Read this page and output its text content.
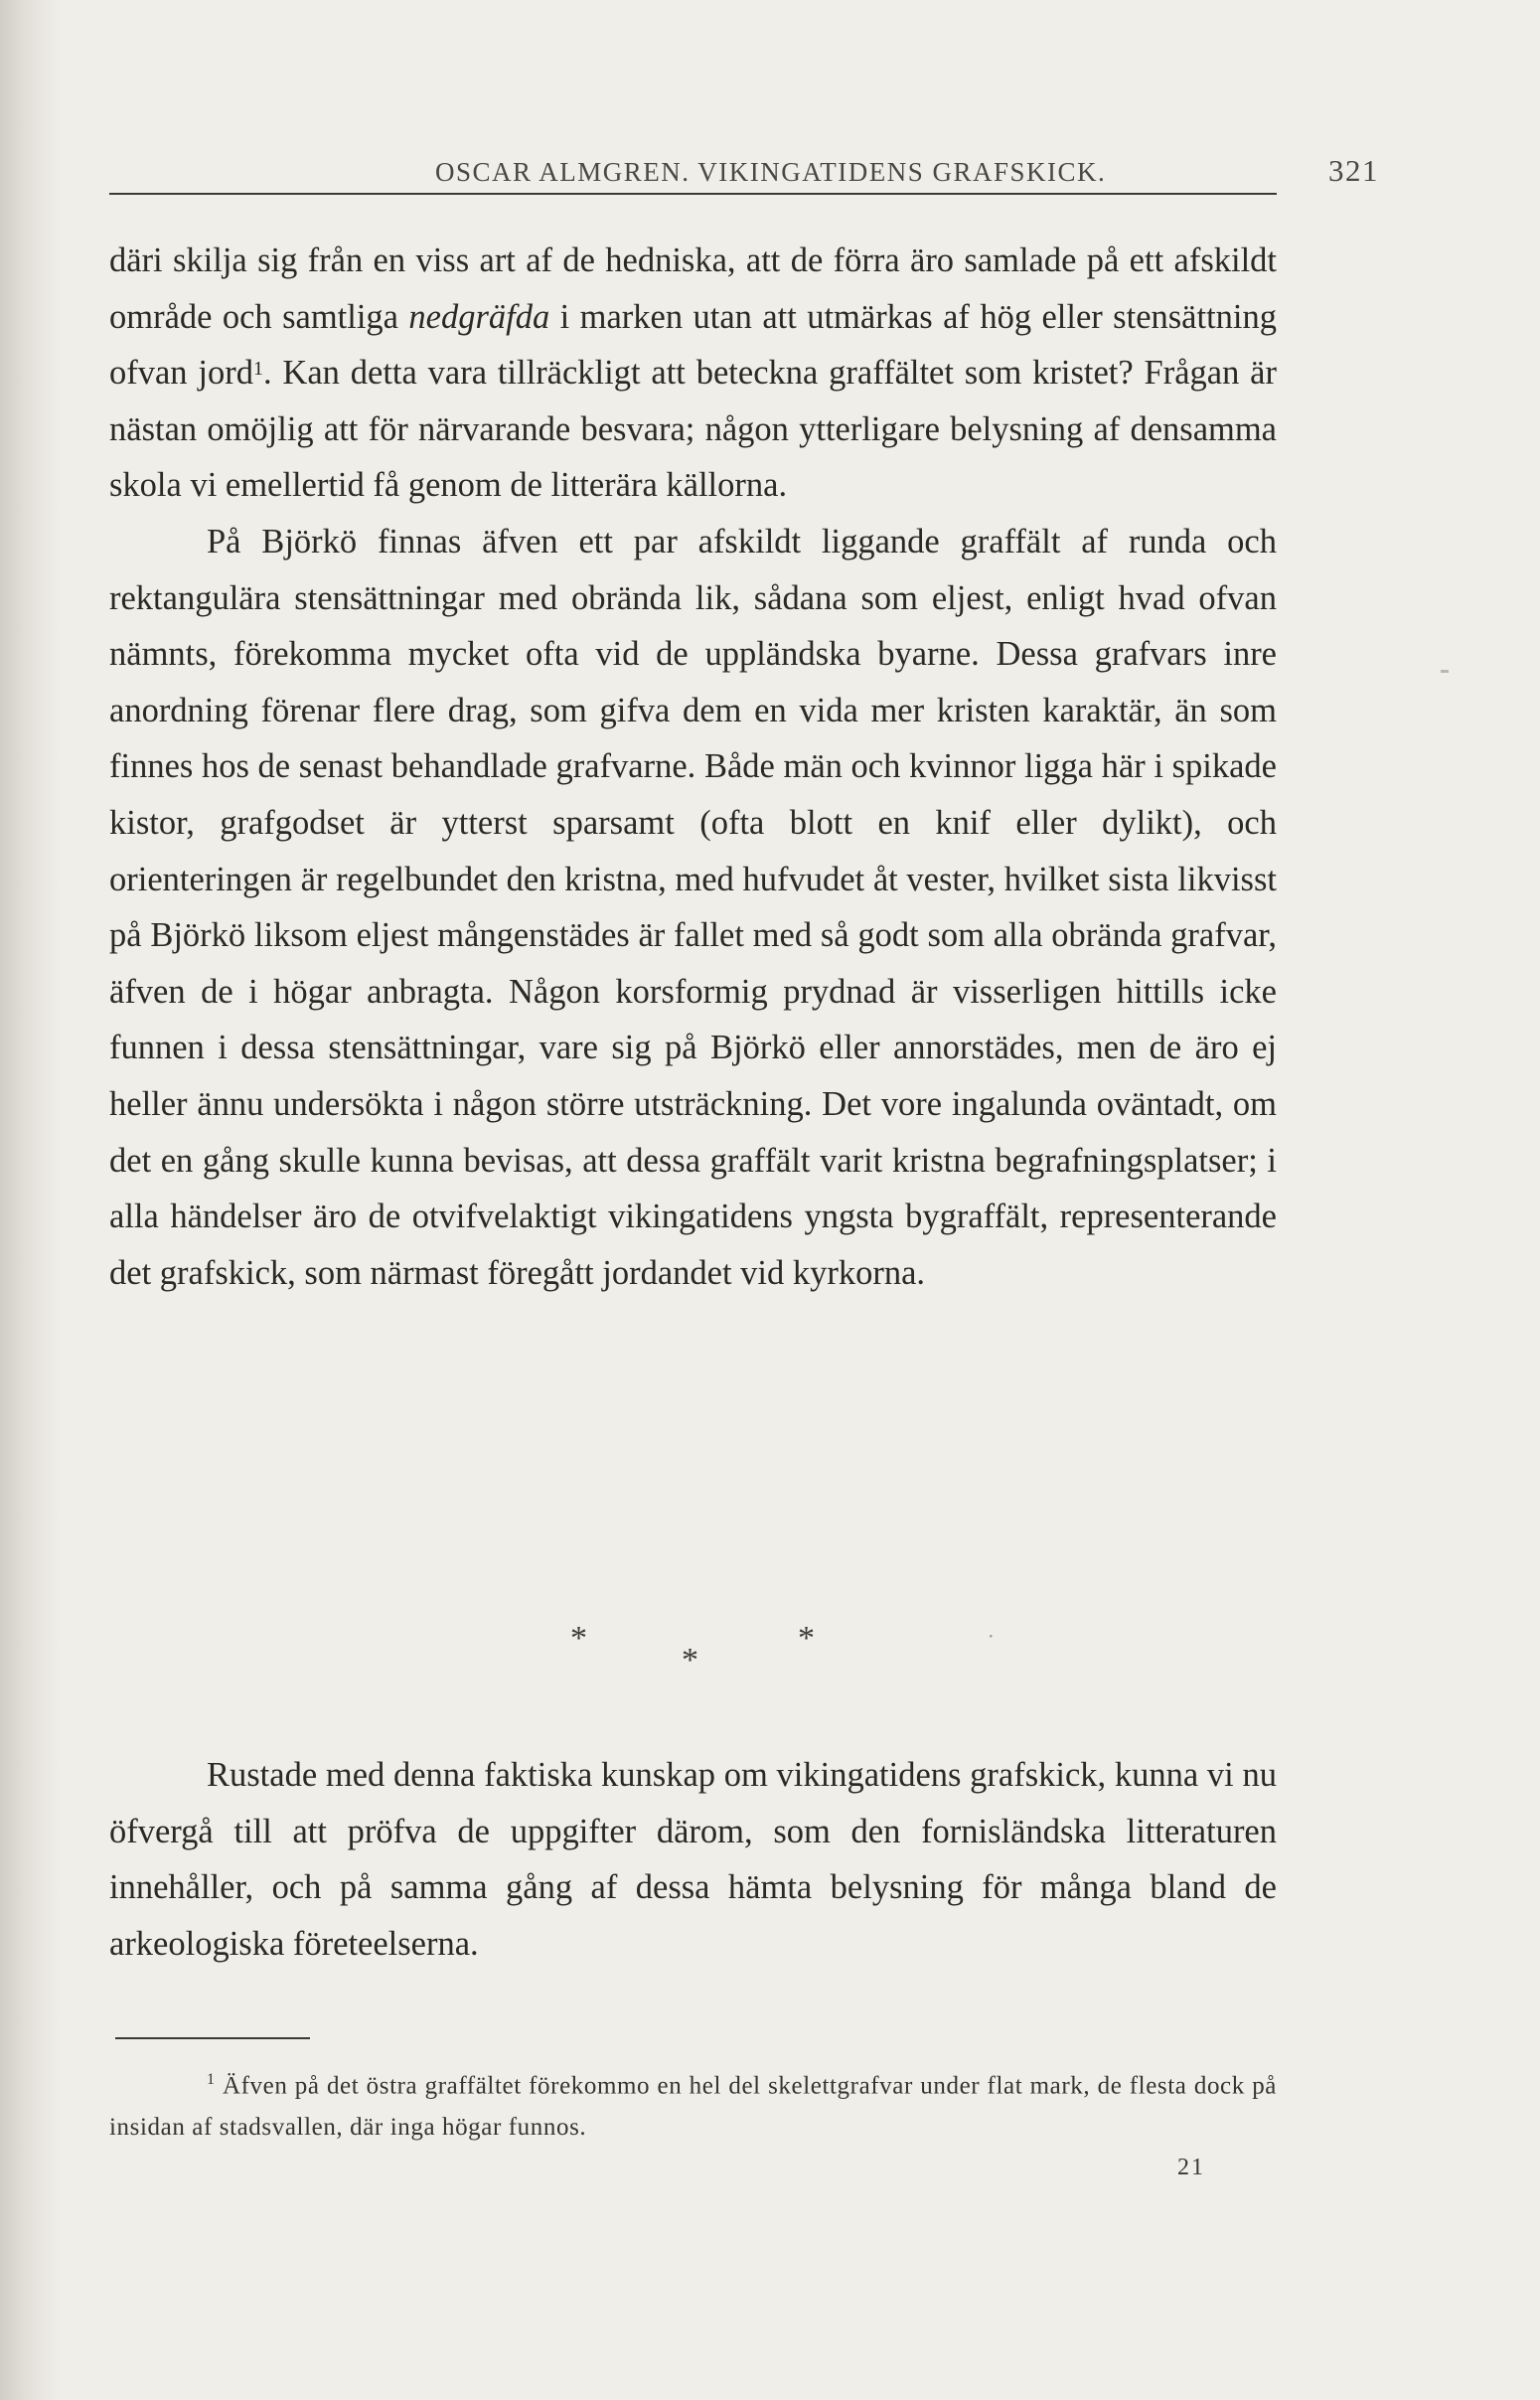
OSCAR ALMGREN. VIKINGATIDENS GRAFSKICK.	321

däri skilja sig från en viss art af de hedniska, att de förra äro samlade på ett afskildt område och samtliga nedgräfda i marken utan att utmärkas af hög eller stensättning ofvan jord$^1$. Kan detta vara tillräckligt att beteckna graffältet som kristet? Frågan är nästan omöjlig att för närvarande besvara; någon ytterligare belysning af densamma skola vi emellertid få genom de litterära källorna.

På Björkö finnas äfven ett par afskildt liggande graffält af runda och rektangulära stensättningar med obrända lik, sådana som eljest, enligt hvad ofvan nämnts, förekomma mycket ofta vid de uppländska byarne. Dessa grafvars inre anordning förenar flere drag, som gifva dem en vida mer kristen karaktär, än som finnes hos de senast behandlade grafvarne. Både män och kvinnor ligga här i spikade kistor, grafgodset är ytterst sparsamt (ofta blott en knif eller dylikt), och orienteringen är regelbundet den kristna, med hufvudet åt vester, hvilket sista likvisst på Björkö liksom eljest mångenstädes är fallet med så godt som alla obrända grafvar, äfven de i högar anbragta. Någon korsformig prydnad är visserligen hittills icke funnen i dessa stensättningar, vare sig på Björkö eller annorstädes, men de äro ej heller ännu undersökta i någon större utsträckning. Det vore ingalunda oväntadt, om det en gång skulle kunna bevisas, att dessa graffält varit kristna begrafningsplatser; i alla händelser äro de otvifvelaktigt vikingatidens yngsta bygraffält, representerande det grafskick, som närmast föregått jordandet vid kyrkorna.

*
*
*	·

Rustade med denna faktiska kunskap om vikingatidens grafskick, kunna vi nu öfvergå till att pröfva de uppgifter därom, som den fornisländska litteraturen innehåller, och på samma gång af dessa hämta belysning för många bland de arkeologiska företeelserna.

$^1$ Äfven på det östra graffältet förekommo en hel del skelettgrafvar under flat mark, de flesta dock på insidan af stadsvallen, där inga högar funnos.

21
